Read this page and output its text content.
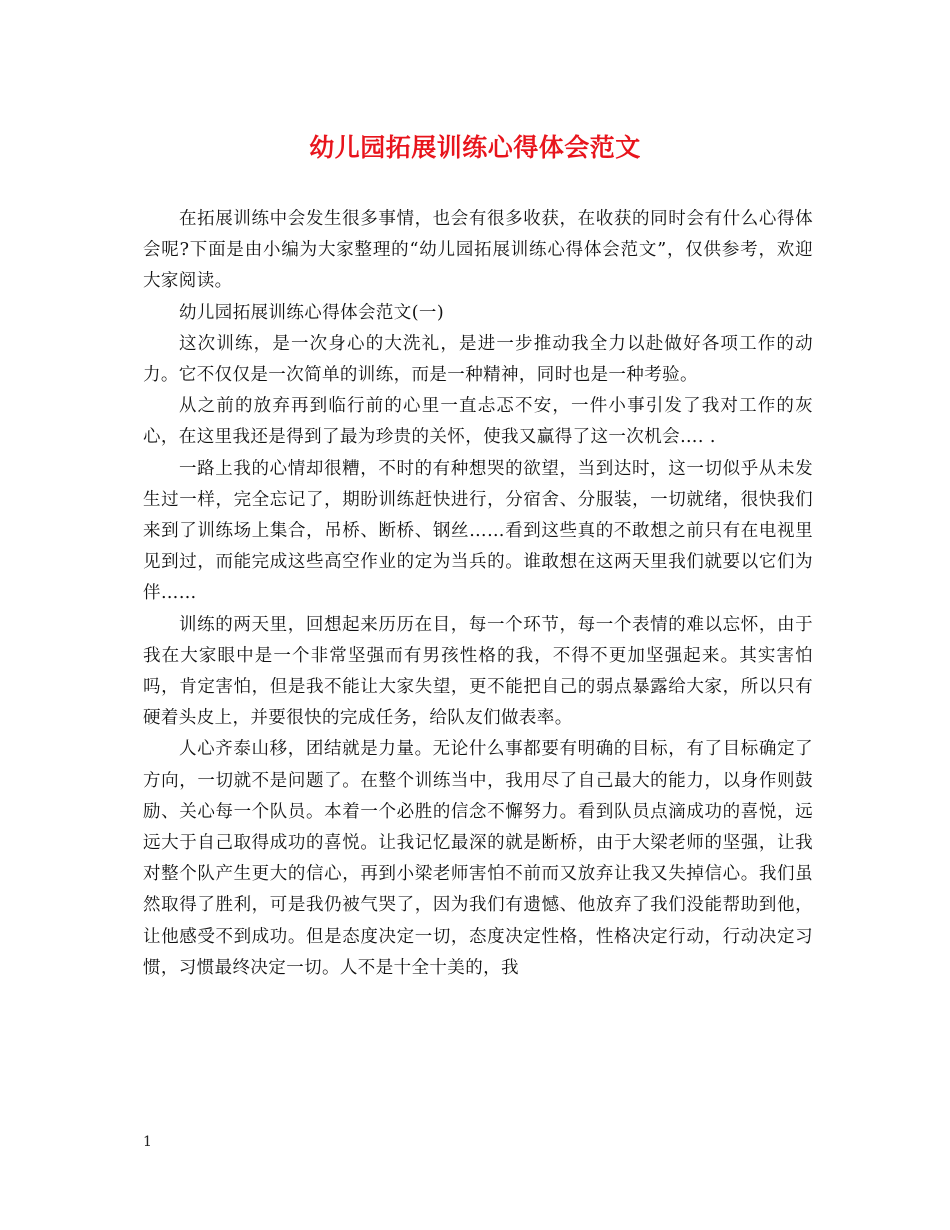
幼儿园拓展训练心得体会范文

在拓展训练中会发生很多事情，也会有很多收获，在收获的同时会有什么心得体会呢?下面是由小编为大家整理的“幼儿园拓展训练心得体会范文”，仅供参考，欢迎大家阅读。

幼儿园拓展训练心得体会范文(一)

这次训练，是一次身心的大洗礼，是进一步推动我全力以赴做好各项工作的动力。它不仅仅是一次简单的训练，而是一种精神，同时也是一种考验。

从之前的放弃再到临行前的心里一直忐忑不安，一件小事引发了我对工作的灰心，在这里我还是得到了最为珍贵的关怀，使我又赢得了这一次机会…. .

一路上我的心情却很糟，不时的有种想哭的欲望，当到达时，这一切似乎从未发生过一样，完全忘记了，期盼训练赶快进行，分宿舍、分服装，一切就绪，很快我们来到了训练场上集合，吊桥、断桥、钢丝……看到这些真的不敢想之前只有在电视里见到过，而能完成这些高空作业的定为当兵的。谁敢想在这两天里我们就要以它们为伴……

训练的两天里，回想起来历历在目，每一个环节，每一个表情的难以忘怀，由于我在大家眼中是一个非常坚强而有男孩性格的我，不得不更加坚强起来。其实害怕吗，肯定害怕，但是我不能让大家失望，更不能把自己的弱点暴露给大家，所以只有硬着头皮上，并要很快的完成任务，给队友们做表率。

人心齐泰山移，团结就是力量。无论什么事都要有明确的目标，有了目标确定了方向，一切就不是问题了。在整个训练当中，我用尽了自己最大的能力，以身作则鼓励、关心每一个队员。本着一个必胜的信念不懈努力。看到队员点滴成功的喜悦，远远大于自己取得成功的喜悦。让我记忆最深的就是断桥，由于大梁老师的坚强，让我对整个队产生更大的信心，再到小梁老师害怕不前而又放弃让我又失掉信心。我们虽然取得了胜利，可是我仍被气哭了，因为我们有遗憾、他放弃了我们没能帮助到他，让他感受不到成功。但是态度决定一切，态度决定性格，性格决定行动，行动决定习惯，习惯最终决定一切。人不是十全十美的，我

1
